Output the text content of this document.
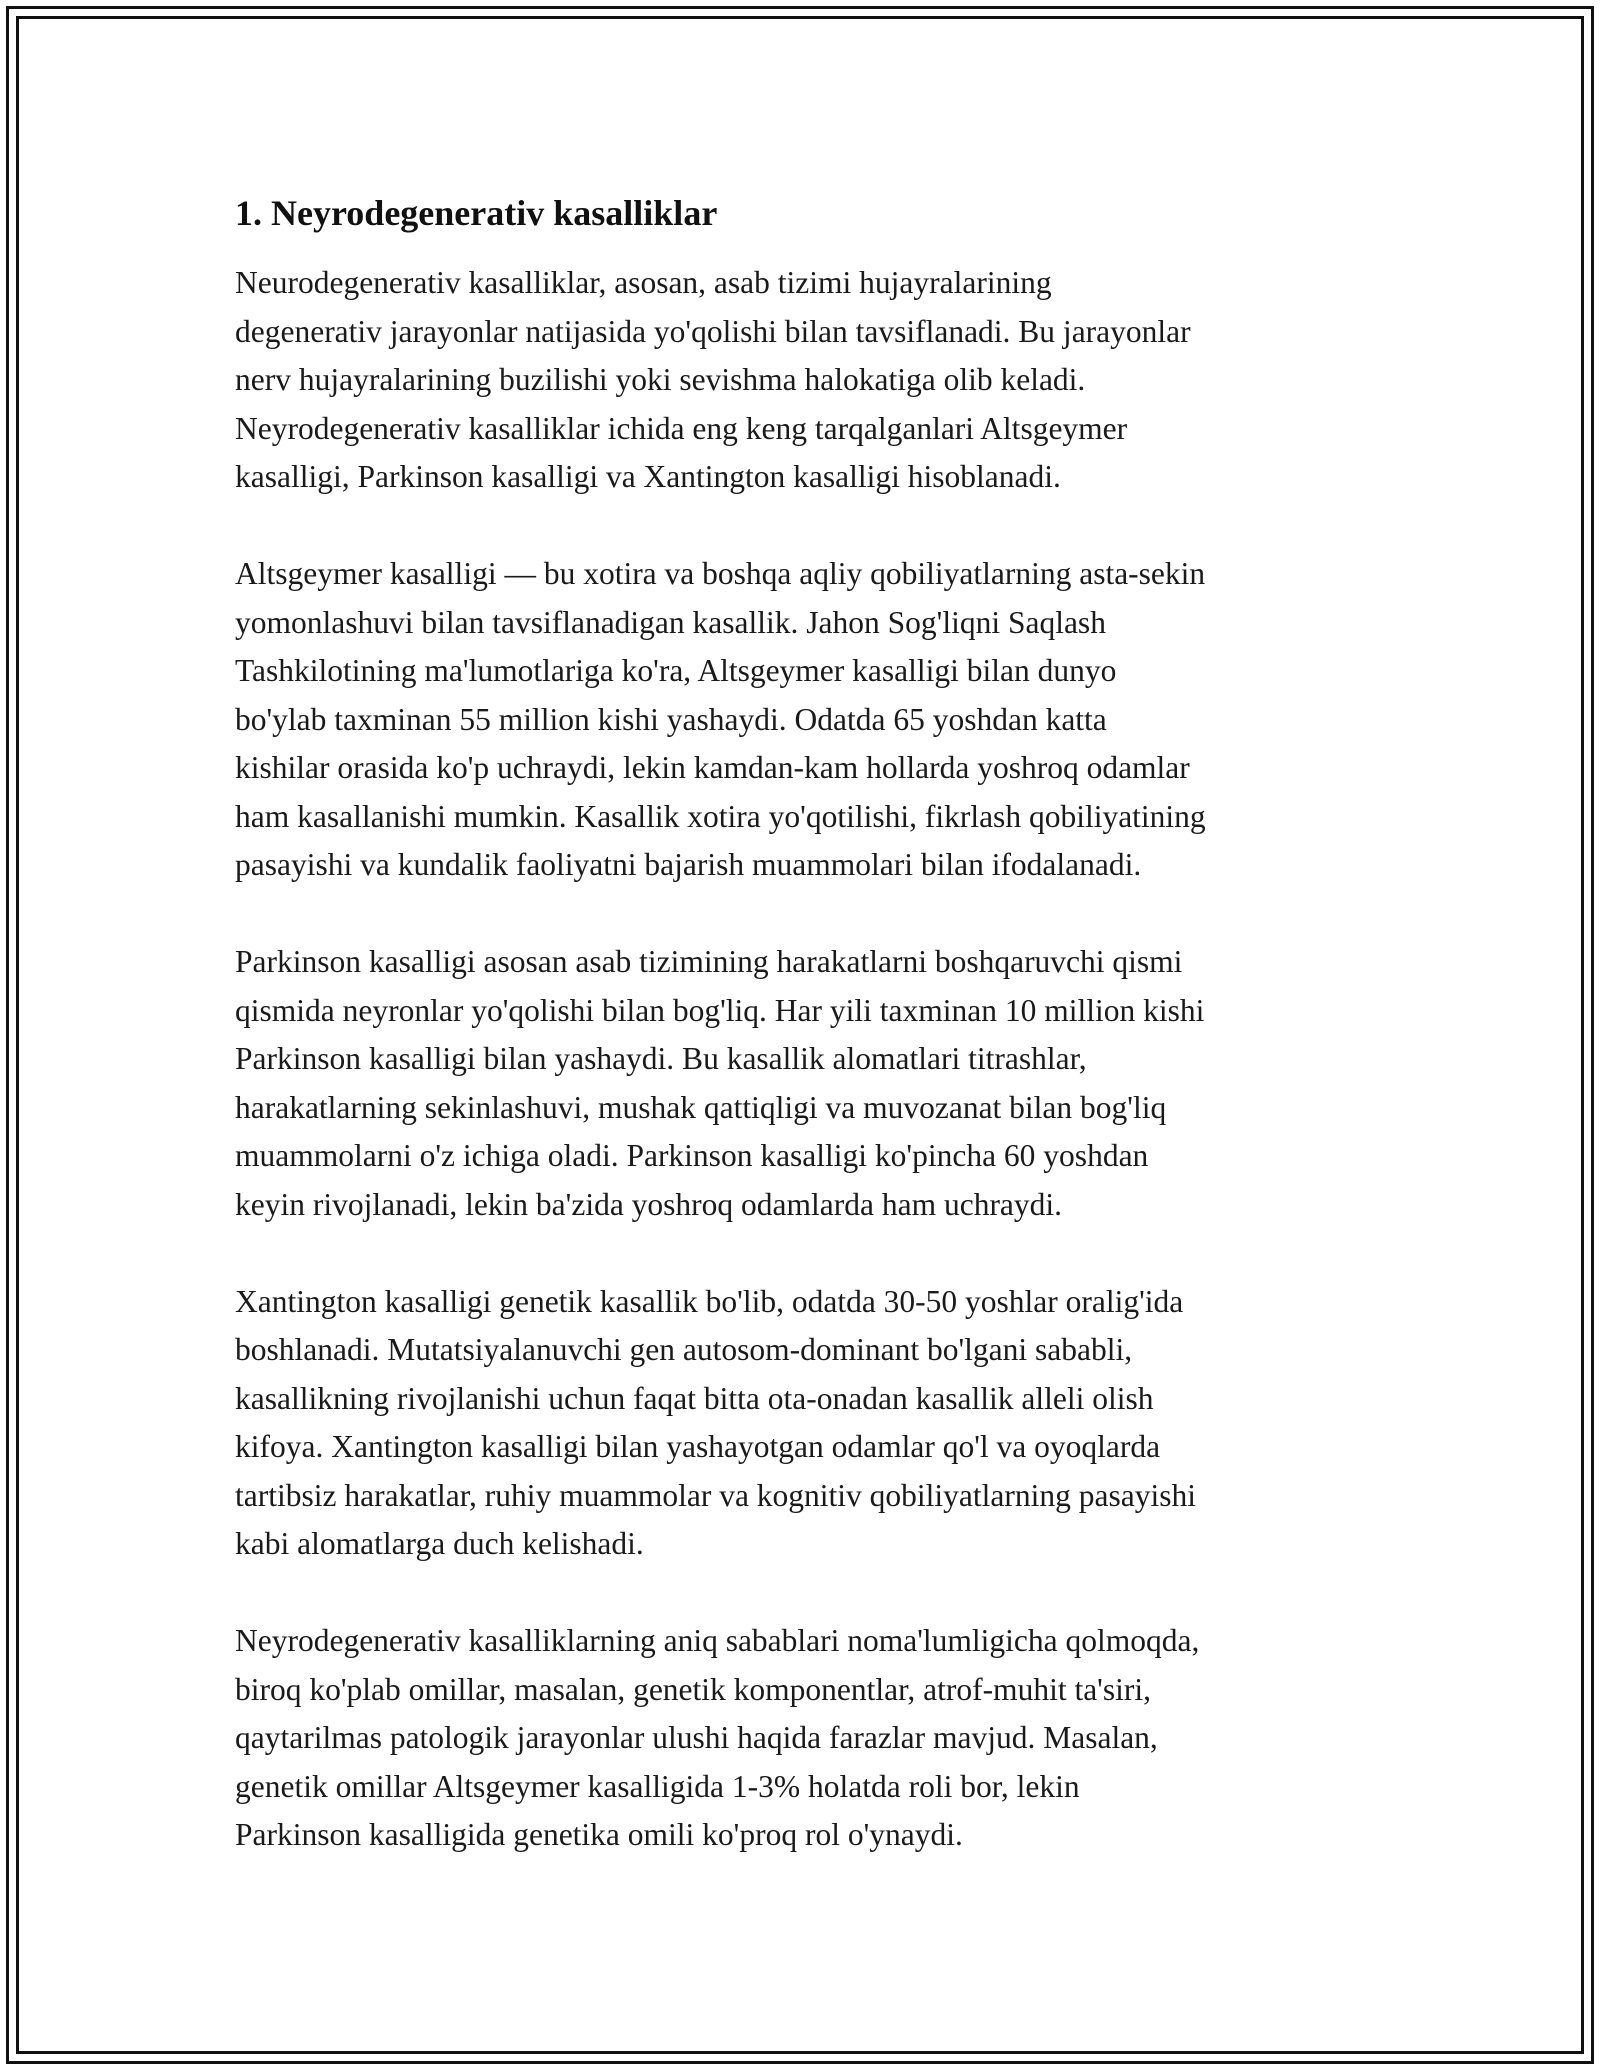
1. Neyrodegenerativ kasalliklar

Neurodegenerativ kasalliklar, asosan, asab tizimi hujayralarining
degenerativ jarayonlar natijasida yo'qolishi bilan tavsiflanadi. Bu jarayonlar
nerv hujayralarining buzilishi yoki sevishma halokatiga olib keladi.
Neyrodegenerativ kasalliklar ichida eng keng tarqalganlari Altsgeymer
kasalligi, Parkinson kasalligi va Xantington kasalligi hisoblanadi.

Altsgeymer kasalligi — bu xotira va boshqa aqliy qobiliyatlarning asta-sekin
yomonlashuvi bilan tavsiflanadigan kasallik. Jahon Sog'liqni Saqlash
Tashkilotining ma'lumotlariga ko'ra, Altsgeymer kasalligi bilan dunyo
bo'ylab taxminan 55 million kishi yashaydi. Odatda 65 yoshdan katta
kishilar orasida ko'p uchraydi, lekin kamdan-kam hollarda yoshroq odamlar
ham kasallanishi mumkin. Kasallik xotira yo'qotilishi, fikrlash qobiliyatining
pasayishi va kundalik faoliyatni bajarish muammolari bilan ifodalanadi.

Parkinson kasalligi asosan asab tizimining harakatlarni boshqaruvchi qismi
qismida neyronlar yo'qolishi bilan bog'liq. Har yili taxminan 10 million kishi
Parkinson kasalligi bilan yashaydi. Bu kasallik alomatlari titrashlar,
harakatlarning sekinlashuvi, mushak qattiqligi va muvozanat bilan bog'liq
muammolarni o'z ichiga oladi. Parkinson kasalligi ko'pincha 60 yoshdan
keyin rivojlanadi, lekin ba'zida yoshroq odamlarda ham uchraydi.

Xantington kasalligi genetik kasallik bo'lib, odatda 30-50 yoshlar oralig'ida
boshlanadi. Mutatsiyalanuvchi gen autosom-dominant bo'lgani sababli,
kasallikning rivojlanishi uchun faqat bitta ota-onadan kasallik alleli olish
kifoya. Xantington kasalligi bilan yashayotgan odamlar qo'l va oyoqlarda
tartibsiz harakatlar, ruhiy muammolar va kognitiv qobiliyatlarning pasayishi
kabi alomatlarga duch kelishadi.

Neyrodegenerativ kasalliklarning aniq sabablari noma'lumligicha qolmoqda,
biroq ko'plab omillar, masalan, genetik komponentlar, atrof-muhit ta'siri,
qaytarilmas patologik jarayonlar ulushi haqida farazlar mavjud. Masalan,
genetik omillar Altsgeymer kasalligida 1-3% holatda roli bor, lekin
Parkinson kasalligida genetika omili ko'proq rol o'ynaydi.
